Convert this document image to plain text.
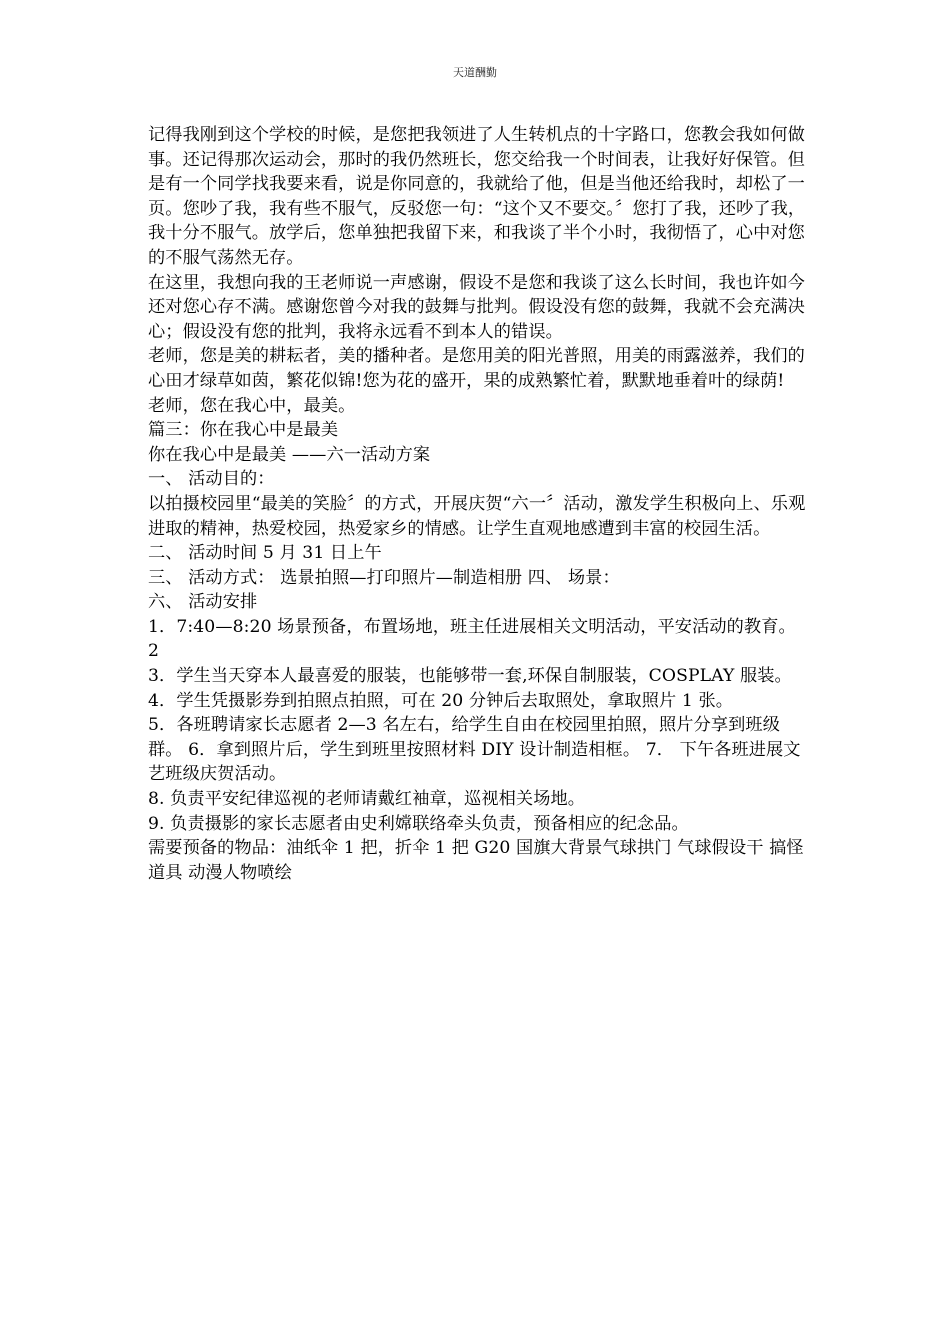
天道酬勤

记得我刚到这个学校的时候，是您把我领进了人生转机点的十字路口，您教会我如何做事。还记得那次运动会，那时的我仍然班长，您交给我一个时间表，让我好好保管。但是有一个同学找我要来看，说是你同意的，我就给了他，但是当他还给我时，却松了一页。您吵了我，我有些不服气，反驳您一句：“这个又不要交。〞您打了我，还吵了我，我十分不服气。放学后，您单独把我留下来，和我谈了半个小时，我彻悟了，心中对您的不服气荡然无存。

在这里，我想向我的王老师说一声感谢，假设不是您和我谈了这么长时间，我也许如今还对您心存不满。感谢您曾今对我的鼓舞与批判。假设没有您的鼓舞，我就不会充满决心；假设没有您的批判，我将永远看不到本人的错误。

老师，您是美的耕耘者，美的播种者。是您用美的阳光普照，用美的雨露滋养，我们的心田才绿草如茵，繁花似锦!您为花的盛开，果的成熟繁忙着，默默地垂着叶的绿荫!

老师，您在我心中，最美。

篇三：你在我心中是最美

你在我心中是最美 ——六一活动方案

一、 活动目的：

以拍摄校园里“最美的笑脸〞的方式，开展庆贺“六一〞活动，激发学生积极向上、乐观进取的精神，热爱校园，热爱家乡的情感。让学生直观地感遭到丰富的校园生活。

二、 活动时间 5 月 31 日上午

三、 活动方式： 选景拍照—打印照片—制造相册 四、 场景：

六、 活动安排

1．7:40—8:20 场景预备，布置场地，班主任进展相关文明活动，平安活动的教育。

2

3．学生当天穿本人最喜爱的服装，也能够带一套,环保自制服装，COSPLAY 服装。

4．学生凭摄影券到拍照点拍照，可在 20 分钟后去取照处，拿取照片 1 张。

5．各班聘请家长志愿者 2—3 名左右，给学生自由在校园里拍照，照片分享到班级群。 6．拿到照片后，学生到班里按照材料 DIY 设计制造相框。 7． 下午各班进展文艺班级庆贺活动。

8. 负责平安纪律巡视的老师请戴红袖章，巡视相关场地。

9. 负责摄影的家长志愿者由史利嫦联络牵头负责，预备相应的纪念品。

需要预备的物品：油纸伞 1 把，折伞 1 把 G20 国旗大背景气球拱门 气球假设干 搞怪道具 动漫人物喷绘
